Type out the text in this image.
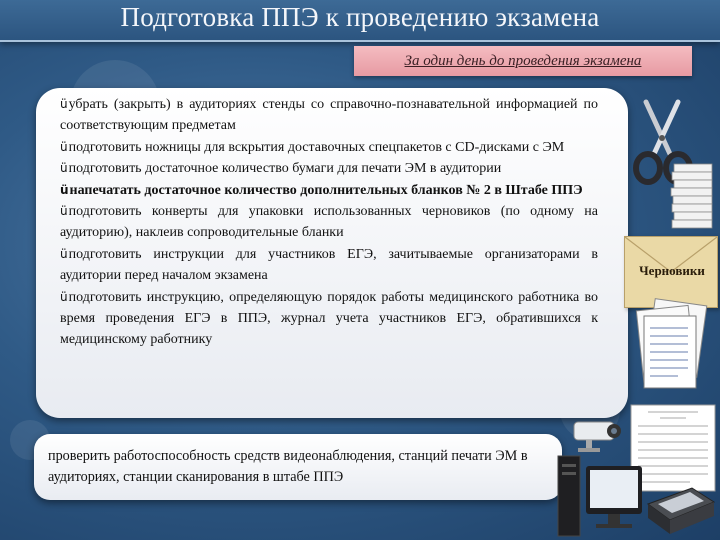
Подготовка ППЭ к проведению экзамена
За один день до проведения экзамена
üубрать (закрыть) в аудиториях стенды со справочно-познавательной информацией по соответствующим предметам
üподготовить ножницы для вскрытия доставочных спецпакетов с CD-дисками с ЭМ
üподготовить достаточное количество бумаги для печати ЭМ в аудитории
üнапечатать достаточное количество дополнительных бланков № 2 в Штабе ППЭ
üподготовить конверты для упаковки использованных черновиков (по одному на аудиторию), наклеив сопроводительные бланки
üподготовить инструкции для участников ЕГЭ, зачитываемые организаторами в аудитории перед началом экзамена
üподготовить инструкцию, определяющую порядок работы медицинского работника во время проведения ЕГЭ в ППЭ, журнал учета участников ЕГЭ, обратившихся к медицинскому работнику
проверить работоспособность средств видеонаблюдения, станций печати ЭМ в аудиториях, станции сканирования в штабе ППЭ
Черновики
